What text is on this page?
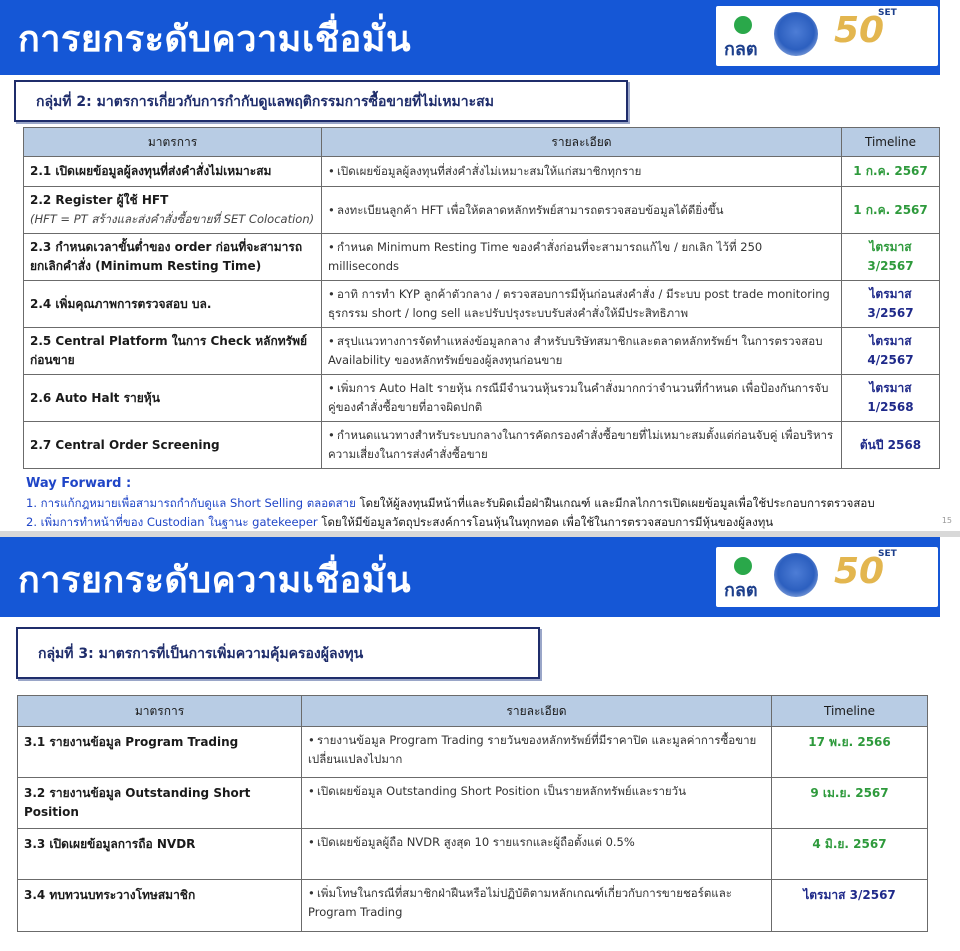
การยกระดับความเชื่อมั่น	กลต 50
SET
กลุ่มที่ 2: มาตรการเกี่ยวกับการกำกับดูแลพฤติกรรมการซื้อขายที่ไม่เหมาะสม
มาตรการ	รายละเอียด	Timeline
2.1 เปิดเผยข้อมูลผู้ลงทุนที่ส่งคำสั่งไม่เหมาะสม	• เปิดเผยข้อมูลผู้ลงทุนที่ส่งคำสั่งไม่เหมาะสมให้แก่สมาชิกทุกราย	1 ก.ค. 2567
2.2 Register ผู้ใช้ HFT
(HFT = PT สร้างและส่งคำสั่งซื้อขายที่ SET Colocation)	• ลงทะเบียนลูกค้า HFT เพื่อให้ตลาดหลักทรัพย์สามารถตรวจสอบข้อมูลได้ดียิ่งขึ้น	1 ก.ค. 2567
2.3 กำหนดเวลาขั้นต่ำของ order ก่อนที่จะสามารถยกเลิกคำสั่ง (Minimum Resting Time)	• กำหนด Minimum Resting Time ของคำสั่งก่อนที่จะสามารถแก้ไข / ยกเลิก ไว้ที่ 250 milliseconds	ไตรมาส 3/2567
2.4 เพิ่มคุณภาพการตรวจสอบ บล.	• อาทิ การทำ KYP ลูกค้าตัวกลาง / ตรวจสอบการมีหุ้นก่อนส่งคำสั่ง / มีระบบ post trade monitoring ธุรกรรม short / long sell และปรับปรุงระบบรับส่งคำสั่งให้มีประสิทธิภาพ	ไตรมาส 3/2567
2.5 Central Platform ในการ Check หลักทรัพย์ก่อนขาย	• สรุปแนวทางการจัดทำแหล่งข้อมูลกลาง สำหรับบริษัทสมาชิกและตลาดหลักทรัพย์ฯ ในการตรวจสอบ Availability ของหลักทรัพย์ของผู้ลงทุนก่อนขาย	ไตรมาส 4/2567
2.6 Auto Halt รายหุ้น	• เพิ่มการ Auto Halt รายหุ้น กรณีมีจำนวนหุ้นรวมในคำสั่งมากกว่าจำนวนที่กำหนด เพื่อป้องกันการจับคู่ของคำสั่งซื้อขายที่อาจผิดปกติ	ไตรมาส 1/2568
2.7 Central Order Screening	• กำหนดแนวทางสำหรับระบบกลางในการคัดกรองคำสั่งซื้อขายที่ไม่เหมาะสมตั้งแต่ก่อนจับคู่ เพื่อบริหารความเสี่ยงในการส่งคำสั่งซื้อขาย	ต้นปี 2568
Way Forward :
1. การแก้กฎหมายเพื่อสามารถกำกับดูแล Short Selling ตลอดสาย โดยให้ผู้ลงทุนมีหน้าที่และรับผิดเมื่อฝ่าฝืนเกณฑ์ และมีกลไกการเปิดเผยข้อมูลเพื่อใช้ประกอบการตรวจสอบ
2. เพิ่มการทำหน้าที่ของ Custodian ในฐานะ gatekeeper โดยให้มีข้อมูลวัตถุประสงค์การโอนหุ้นในทุกทอด เพื่อใช้ในการตรวจสอบการมีหุ้นของผู้ลงทุน	15
การยกระดับความเชื่อมั่น	กลต 50
SET
กลุ่มที่ 3: มาตรการที่เป็นการเพิ่มความคุ้มครองผู้ลงทุน
มาตรการ	รายละเอียด	Timeline
3.1 รายงานข้อมูล Program Trading	• รายงานข้อมูล Program Trading รายวันของหลักทรัพย์ที่มีราคาปิด และมูลค่าการซื้อขายเปลี่ยนแปลงไปมาก	17 พ.ย. 2566
3.2 รายงานข้อมูล Outstanding Short Position	• เปิดเผยข้อมูล Outstanding Short Position เป็นรายหลักทรัพย์และรายวัน	9 เม.ย. 2567
3.3 เปิดเผยข้อมูลการถือ NVDR	• เปิดเผยข้อมูลผู้ถือ NVDR สูงสุด 10 รายแรกและผู้ถือตั้งแต่ 0.5%	4 มิ.ย. 2567
3.4 ทบทวนบทระวางโทษสมาชิก	• เพิ่มโทษในกรณีที่สมาชิกฝ่าฝืนหรือไม่ปฏิบัติตามหลักเกณฑ์เกี่ยวกับการขายชอร์ตและ Program Trading	ไตรมาส 3/2567
